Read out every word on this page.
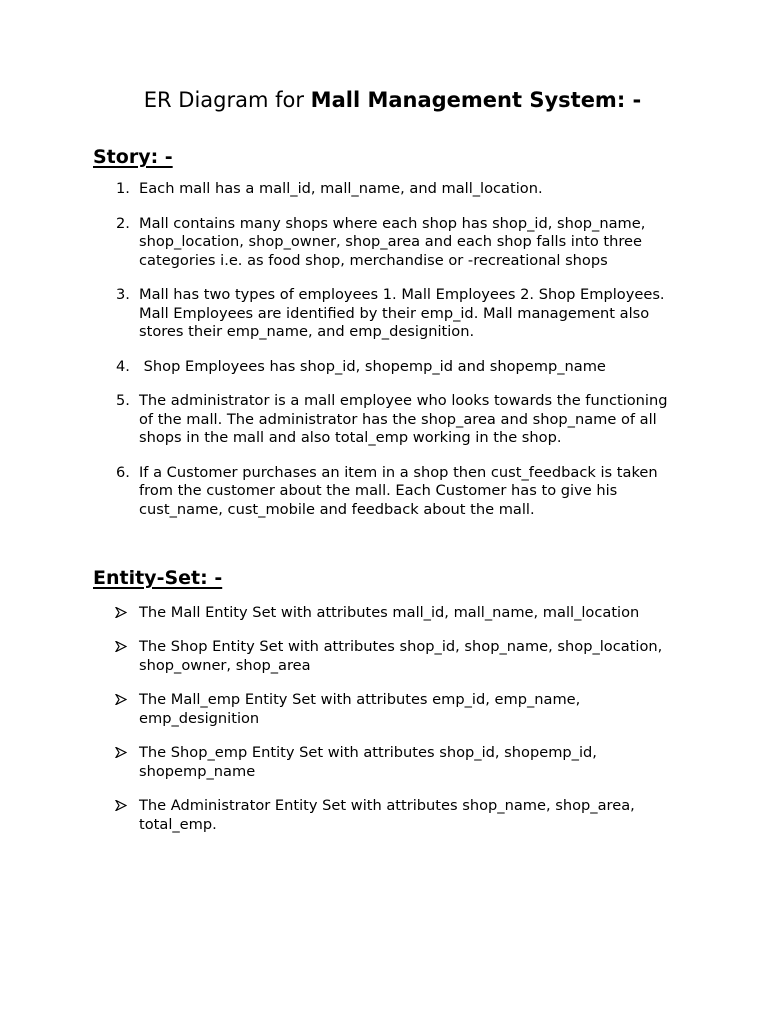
ER Diagram for Mall Management System: -
Story: -
1. Each mall has a mall_id, mall_name, and mall_location.
2. Mall contains many shops where each shop has shop_id, shop_name, shop_location, shop_owner, shop_area and each shop falls into three categories i.e. as food shop, merchandise or -recreational shops
3. Mall has two types of employees 1. Mall Employees 2. Shop Employees. Mall Employees are identified by their emp_id. Mall management also stores their emp_name, and emp_designition.
4. Shop Employees has shop_id, shopemp_id and shopemp_name
5. The administrator is a mall employee who looks towards the functioning of the mall. The administrator has the shop_area and shop_name of all shops in the mall and also total_emp working in the shop.
6. If a Customer purchases an item in a shop then cust_feedback is taken from the customer about the mall. Each Customer has to give his cust_name, cust_mobile and feedback about the mall.
Entity-Set: -
The Mall Entity Set with attributes mall_id, mall_name, mall_location
The Shop Entity Set with attributes shop_id, shop_name, shop_location, shop_owner, shop_area
The Mall_emp Entity Set with attributes emp_id, emp_name, emp_designition
The Shop_emp Entity Set with attributes shop_id, shopemp_id, shopemp_name
The Administrator Entity Set with attributes shop_name, shop_area, total_emp.
